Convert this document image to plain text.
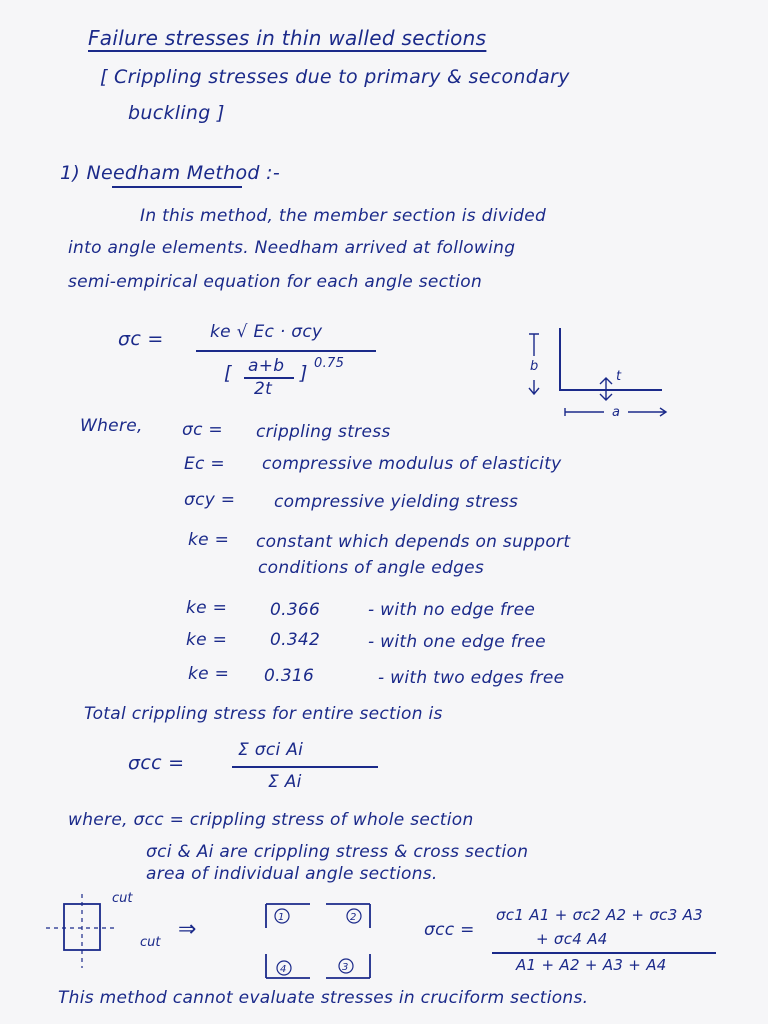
Failure stresses in thin walled sections
[ Crippling stresses due to primary & secondary
buckling ]
1) Needham Method :-
In this method, the member section is divided
into angle elements. Needham arrived at following
semi-empirical equation for each angle section
σc =	ke √ Ec · σcy
[ a+b
2t
] 0.75	b
t
a
Where, σc = crippling stress
Ec = compressive modulus of elasticity
σcy = compressive yielding stress
ke = constant which depends on support
conditions of angle edges
ke =	0.366	- with no edge free
ke =	0.342	- with one edge free
ke = 0.316	- with two edges free
Total crippling stress for entire section is
σcc =
Σ σci Ai
Σ Ai
where, σcc = crippling stress of whole section
σci & Ai are crippling stress & cross section
area of individual angle sections.
cut
cut
⇒	1	2
3
4
σcc =
σc1 A1 + σc2 A2 + σc3 A3
+ σc4 A4
A1 + A2 + A3 + A4
This method cannot evaluate stresses in cruciform sections.
